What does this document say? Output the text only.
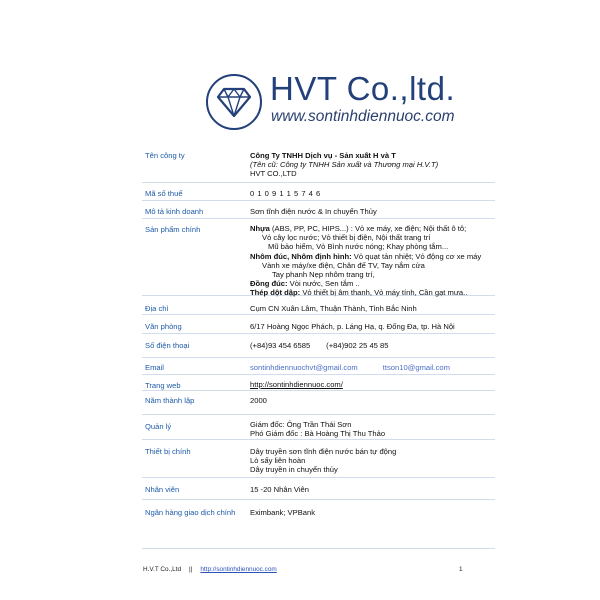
HVT Co.,ltd.
www.sontinhdiennuoc.com
Tên công ty	Công Ty TNHH Dịch vụ - Sản xuất H và T
(Tên cũ: Công ty TNHH Sản xuất và Thương mại H.V.T)
HVT CO.,LTD
Mã số thuế	0 1 0 9 1 1 5 7 4 6
Mô tả kinh doanh	Sơn tĩnh điện nước & In chuyển Thủy
Sản phẩm chính	Nhựa (ABS, PP, PC, HIPS...) : Vỏ xe máy, xe điện; Nội thất ô tô;
Vỏ cây lọc nước; Vỏ thiết bị điện, Nội thất trang trí
Mũ bảo hiểm, Vỏ Bình nước nóng; Khay phòng tắm...
Nhôm đúc, Nhôm định hình: Vỏ quạt tản nhiệt; Vỏ động cơ xe máy
Vành xe máy/xe điện, Chân đế TV, Tay nắm cửa
Tay phanh Nẹp nhôm trang trí,
Đồng đúc: Vòi nước, Sen tắm ..
Thép dột dập: Vỏ thiết bị âm thanh, Vỏ máy tính, Cần gạt mưa..
Địa chỉ	Cụm CN Xuân Lâm, Thuận Thành, Tỉnh Bắc Ninh
Văn phòng	6/17 Hoàng Ngọc Phách, p. Láng Hạ, q. Đống Đa, tp. Hà Nội
Số điện thoại	(+84)93 454 6585 (+84)902 25 45 85
Email	sontinhdiennuochvt@gmail.com	ttson10@gmail.com
Trang web	http://sontinhdiennuoc.com/
Năm thành lập	2000
Quản lý	Giám đốc: Ông Trần Thái Sơn
Phó Giám đốc : Bà Hoàng Thị Thu Thảo
Thiết bị chính	Dây truyền sơn tĩnh điện nước bán tự động
Lò sấy liên hoàn
Dây truyền in chuyển thủy
Nhân viên	15 -20 Nhân Viên
Ngân hàng giao dịch chính Eximbank; VPBank
H.V.T Co.,Ltd || http://sontinhdiennuoc.com	1
